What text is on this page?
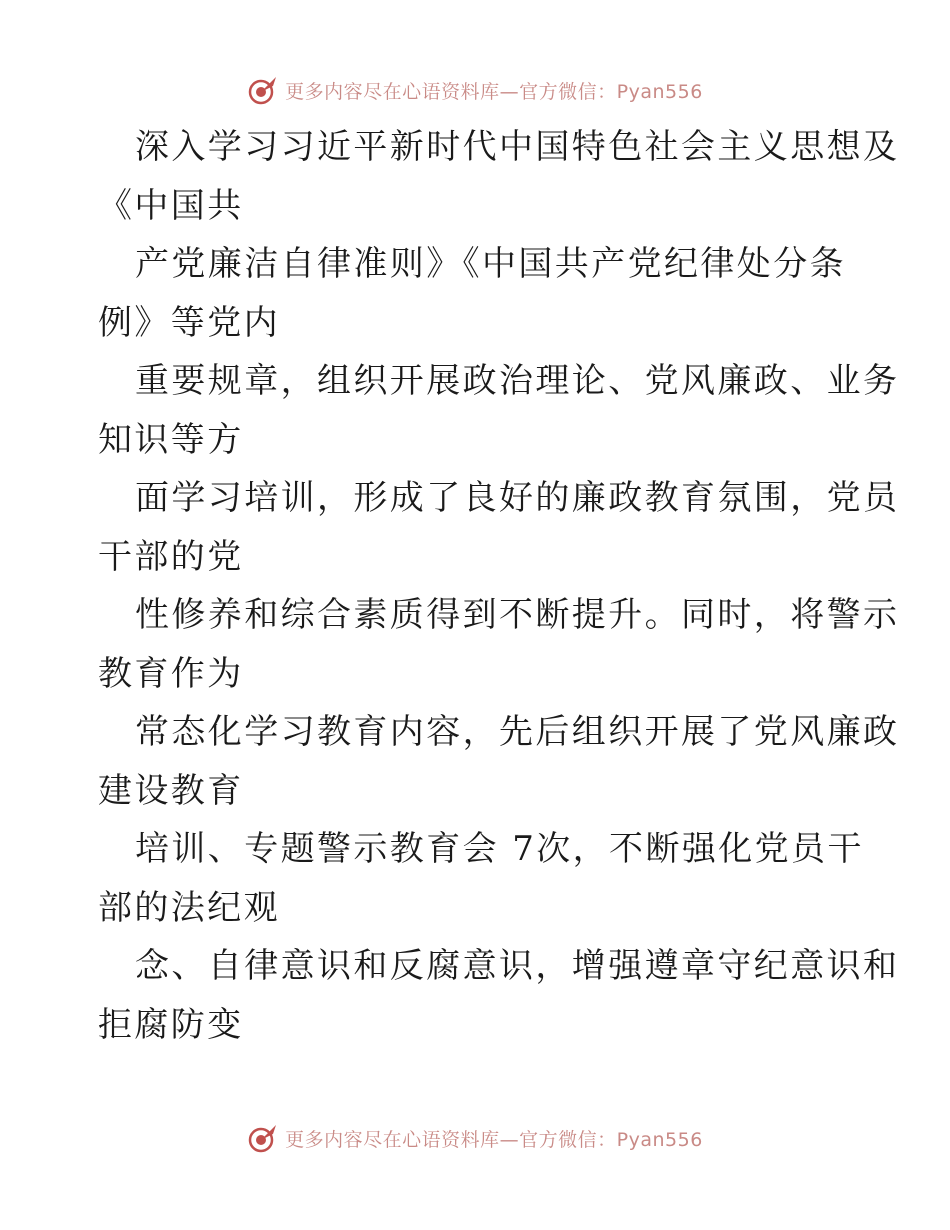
更多内容尽在心语资料库—官方微信：Pyan556
深入学习习近平新时代中国特色社会主义思想及
《中国共
产党廉洁自律准则》《中国共产党纪律处分条
例》等党内
重要规章，组织开展政治理论、党风廉政、业务
知识等方
面学习培训，形成了良好的廉政教育氛围，党员
干部的党
性修养和综合素质得到不断提升。同时，将警示
教育作为
常态化学习教育内容，先后组织开展了党风廉政
建设教育
培训、专题警示教育会 7次，不断强化党员干
部的法纪观
念、自律意识和反腐意识，增强遵章守纪意识和
拒腐防变
更多内容尽在心语资料库—官方微信：Pyan556
